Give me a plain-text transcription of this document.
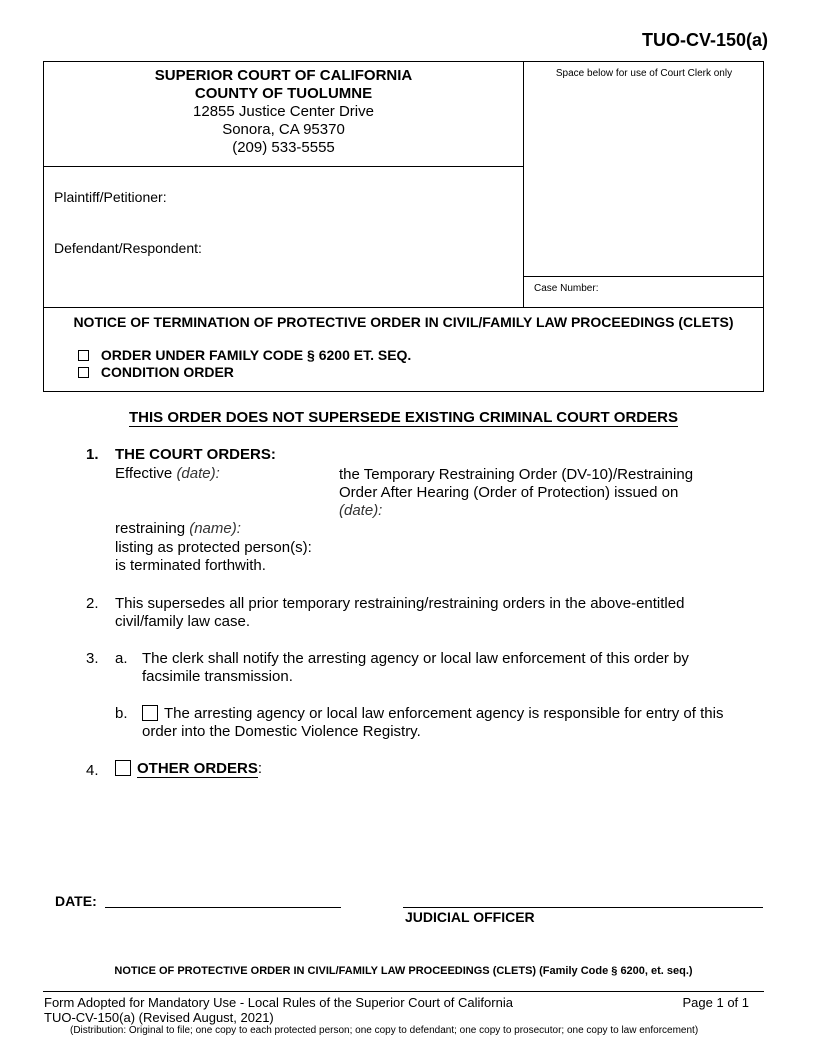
TUO-CV-150(a)
SUPERIOR COURT OF CALIFORNIA
COUNTY OF TUOLUMNE
12855 Justice Center Drive
Sonora, CA 95370
(209) 533-5555
Space below for use of Court Clerk only
Plaintiff/Petitioner:
Defendant/Respondent:
Case Number:
NOTICE OF TERMINATION OF PROTECTIVE ORDER IN CIVIL/FAMILY LAW PROCEEDINGS (CLETS)
ORDER UNDER FAMILY CODE § 6200 ET. SEQ.
CONDITION ORDER
THIS ORDER DOES NOT SUPERSEDE EXISTING CRIMINAL COURT ORDERS
1. THE COURT ORDERS:
Effective (date):	the Temporary Restraining Order (DV-10)/Restraining
Order After Hearing (Order of Protection) issued on
(date):
restraining (name):
listing as protected person(s):
is terminated forthwith.
2. This supersedes all prior temporary restraining/restraining orders in the above-entitled
civil/family law case.
3. a. The clerk shall notify the arresting agency or local law enforcement of this order by
facsimile transmission.
b. The arresting agency or local law enforcement agency is responsible for entry of this
order into the Domestic Violence Registry.
4.	OTHER ORDERS:
DATE:
JUDICIAL OFFICER
NOTICE OF PROTECTIVE ORDER IN CIVIL/FAMILY LAW PROCEEDINGS (CLETS) (Family Code § 6200, et. seq.)
Form Adopted for Mandatory Use - Local Rules of the Superior Court of California	Page 1 of 1
TUO-CV-150(a) (Revised August, 2021)
(Distribution: Original to file; one copy to each protected person; one copy to defendant; one copy to prosecutor; one copy to law enforcement)
